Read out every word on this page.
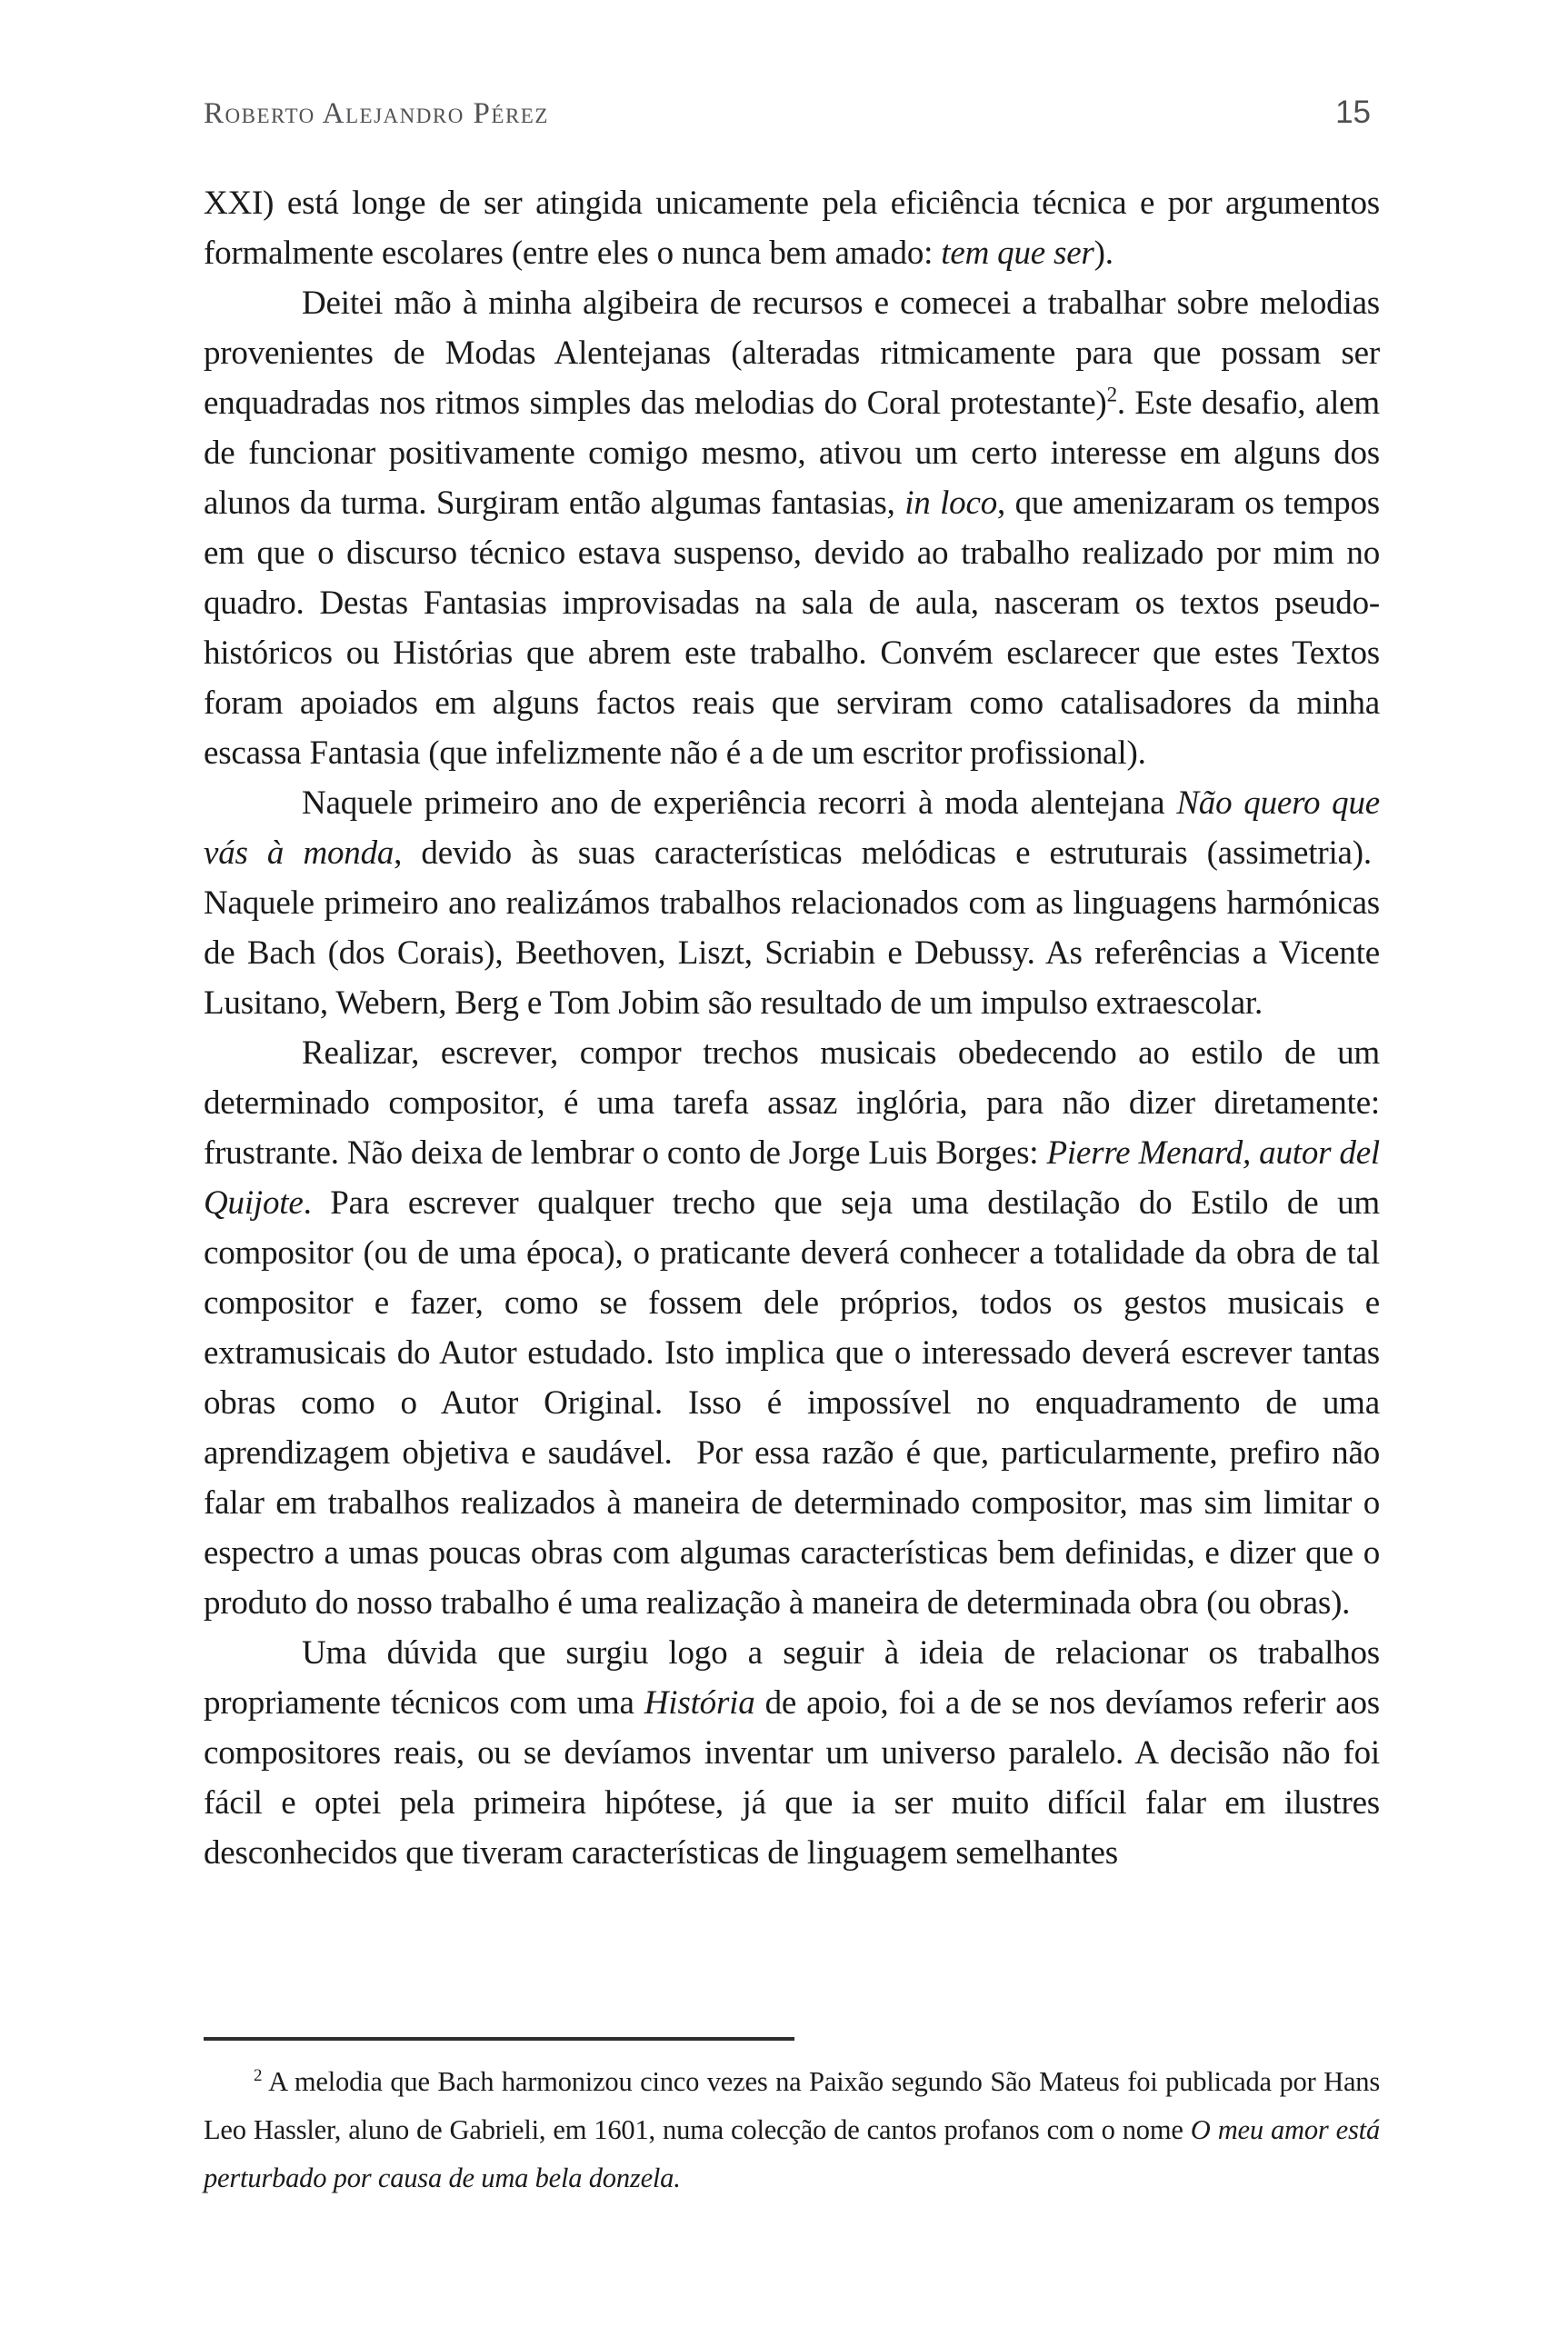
Roberto Alejandro Pérez	15

XXI) está longe de ser atingida unicamente pela eficiência técnica e por argumentos formalmente escolares (entre eles o nunca bem amado: tem que ser).

Deitei mão à minha algibeira de recursos e comecei a trabalhar sobre melodias provenientes de Modas Alentejanas (alteradas ritmicamente para que possam ser enquadradas nos ritmos simples das melodias do Coral protestante)$^2$. Este desafio, alem de funcionar positivamente comigo mesmo, ativou um certo interesse em alguns dos alunos da turma. Surgiram então algumas fantasias, in loco, que amenizaram os tempos em que o discurso técnico estava suspenso, devido ao trabalho realizado por mim no quadro. Destas Fantasias improvisadas na sala de aula, nasceram os textos pseudo-históricos ou Histórias que abrem este trabalho. Convém esclarecer que estes Textos foram apoiados em alguns factos reais que serviram como catalisadores da minha escassa Fantasia (que infelizmente não é a de um escritor profissional).

Naquele primeiro ano de experiência recorri à moda alentejana Não quero que vás à monda, devido às suas características melódicas e estruturais (assimetria).  Naquele primeiro ano realizámos trabalhos relacionados com as linguagens harmónicas de Bach (dos Corais), Beethoven, Liszt, Scriabin e Debussy. As referências a Vicente Lusitano, Webern, Berg e Tom Jobim são resultado de um impulso extraescolar.

Realizar, escrever, compor trechos musicais obedecendo ao estilo de um determinado compositor, é uma tarefa assaz inglória, para não dizer diretamente: frustrante. Não deixa de lembrar o conto de Jorge Luis Borges: Pierre Menard, autor del Quijote. Para escrever qualquer trecho que seja uma destilação do Estilo de um compositor (ou de uma época), o praticante deverá conhecer a totalidade da obra de tal compositor e fazer, como se fossem dele próprios, todos os gestos musicais e extramusicais do Autor estudado. Isto implica que o interessado deverá escrever tantas obras como o Autor Original. Isso é impossível no enquadramento de uma aprendizagem objetiva e saudável.  Por essa razão é que, particularmente, prefiro não falar em trabalhos realizados à maneira de determinado compositor, mas sim limitar o espectro a umas poucas obras com algumas características bem definidas, e dizer que o produto do nosso trabalho é uma realização à maneira de determinada obra (ou obras).

Uma dúvida que surgiu logo a seguir à ideia de relacionar os trabalhos propriamente técnicos com uma História de apoio, foi a de se nos devíamos referir aos compositores reais, ou se devíamos inventar um universo paralelo. A decisão não foi fácil e optei pela primeira hipótese, já que ia ser muito difícil falar em ilustres desconhecidos que tiveram características de linguagem semelhantes

$^2$ A melodia que Bach harmonizou cinco vezes na Paixão segundo São Mateus foi publicada por Hans Leo Hassler, aluno de Gabrieli, em 1601, numa colecção de cantos profanos com o nome O meu amor está perturbado por causa de uma bela donzela.
